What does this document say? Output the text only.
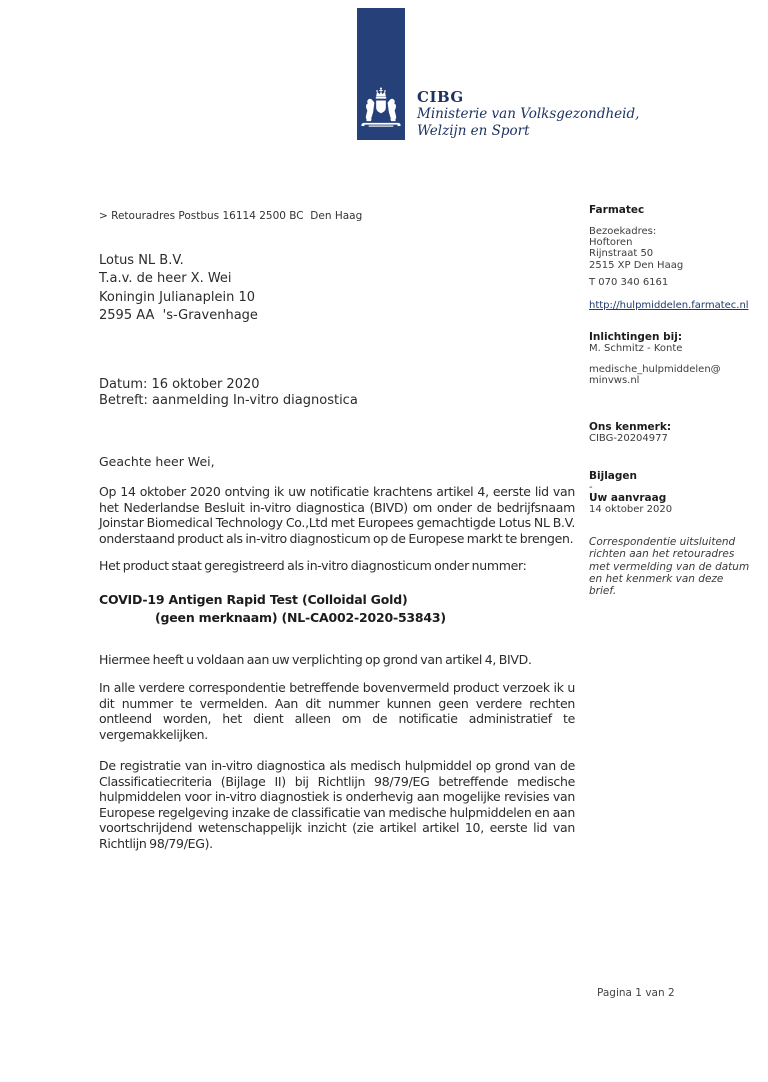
CIBG
Ministerie van Volksgezondheid,
Welzijn en Sport
> Retouradres Postbus 16114 2500 BC  Den Haag
Lotus NL B.V.
T.a.v. de heer X. Wei
Koningin Julianaplein 10
2595 AA  's-Gravenhage
Datum: 16 oktober 2020
Betreft: aanmelding In-vitro diagnostica
Geachte heer Wei,

Op 14 oktober 2020 ontving ik uw notificatie krachtens artikel 4, eerste lid van het Nederlandse Besluit in-vitro diagnostica (BIVD) om onder de bedrijfsnaam Joinstar Biomedical Technology Co.,Ltd met Europees gemachtigde Lotus NL B.V. onderstaand product als in-vitro diagnosticum op de Europese markt te brengen.

Het product staat geregistreerd als in-vitro diagnosticum onder nummer:

COVID-19 Antigen Rapid Test (Colloidal Gold)
(geen merknaam) (NL-CA002-2020-53843)

Hiermee heeft u voldaan aan uw verplichting op grond van artikel 4, BIVD.

In alle verdere correspondentie betreffende bovenvermeld product verzoek ik u dit nummer te vermelden. Aan dit nummer kunnen geen verdere rechten ontleend worden, het dient alleen om de notificatie administratief te vergemakkelijken.

De registratie van in-vitro diagnostica als medisch hulpmiddel op grond van de Classificatiecriteria (Bijlage II) bij Richtlijn 98/79/EG betreffende medische hulpmiddelen voor in-vitro diagnostiek is onderhevig aan mogelijke revisies van Europese regelgeving inzake de classificatie van medische hulpmiddelen en aan voortschrijdend wetenschappelijk inzicht (zie artikel artikel 10, eerste lid van Richtlijn 98/79/EG).

Farmatec
Bezoekadres:
Hoftoren
Rijnstraat 50
2515 XP Den Haag
T 070 340 6161
http://hulpmiddelen.farmatec.nl
Inlichtingen bij:
M. Schmitz - Konte
medische_hulpmiddelen@
minvws.nl
Ons kenmerk:
CIBG-20204977
Bijlagen
-
Uw aanvraag
14 oktober 2020
Correspondentie uitsluitend richten aan het retouradres met vermelding van de datum en het kenmerk van deze brief.
Pagina 1 van 2
